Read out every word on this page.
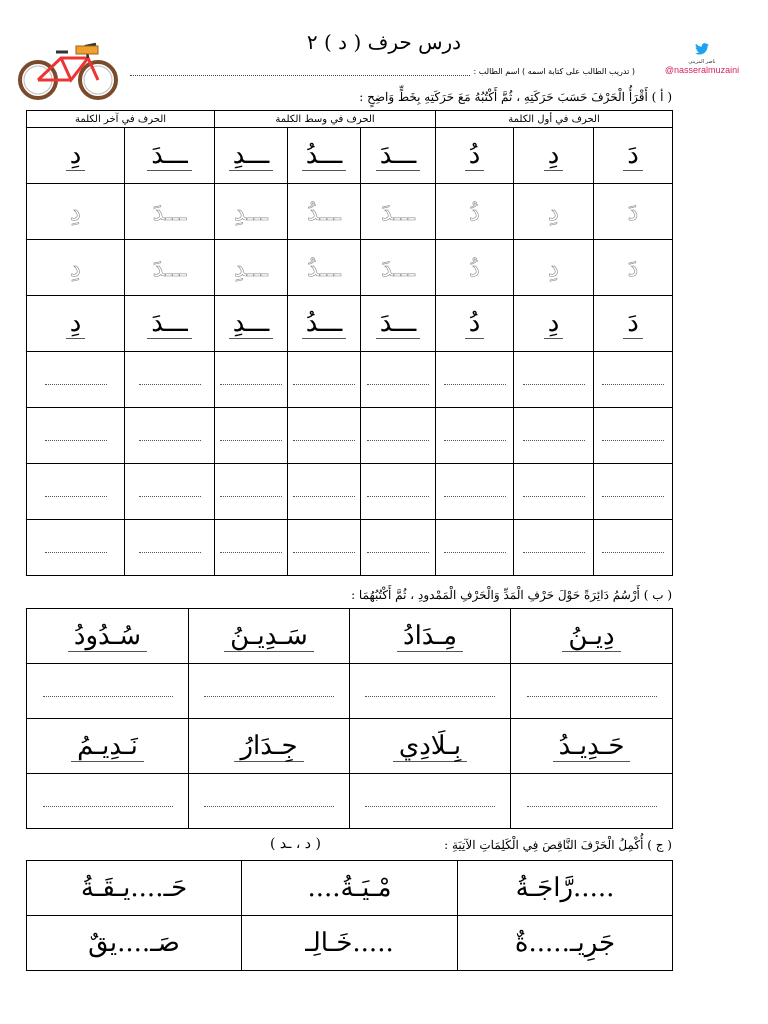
درس حرف ( د ) ٢
ناصر المزيني
@nasseralmuzaini
( تدريب الطالب على كتابة اسمه ) اسم الطالب :
( أ ) أَقْرَأُ الْحَرْفَ حَسَبَ حَرَكَتِهِ ، ثُمَّ أَكْتُبُهُ مَعَ حَرَكَتِهِ بِخَطٍّ وَاضِحٍ :
الحرف في آخر الكلمة		الحرف في وسط الكلمة			الحرف في أول الكلمة		
دِ	ـــدَ	ـــدِ	ـــدُ	ـــدَ	دُ	دِ	دَ
دِ	ـــدَ	ـــدِ	ـــدُ	ـــدَ	دُ	دِ	دَ
دِ	ـــدَ	ـــدِ	ـــدُ	ـــدَ	دُ	دِ	دَ
دِ	ـــدَ	ـــدِ	ـــدُ	ـــدَ	دُ	دِ	دَ

( ب ) أَرْسُمُ دَائِرَةً حَوْلَ حَرْفِ الْمَدِّ وَالْحَرْفِ الْمَمْدودِ ، ثُمَّ أَكْتُبُهُمَا :
سُـدُودُ	سَـدِيـنُ	مِـدَادُ	دِيـنُ

نَـدِيـمُ	جِـدَارُ	بِـلَادِي	حَـدِيـدُ

( ج ) أُكْمِلُ الْحَرْفَ النَّاقِصَ فِي الْكَلِمَاتِ الآتِيَةِ :
( د ، ـد )
حَـ....يـقَـةُ	....مْـيَـةُ	رَّاجَـةُ.....
صَـ....يقٌ	خَـالِـ.....	جَرِيـ.....ةٌ
